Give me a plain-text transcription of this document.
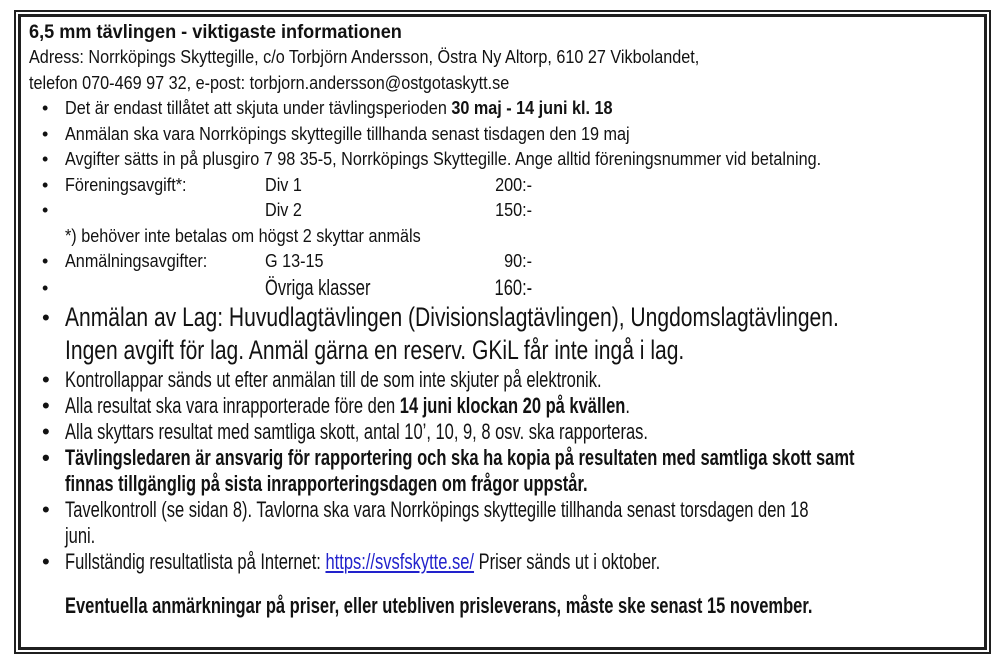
6,5 mm tävlingen - viktigaste informationen
Adress: Norrköpings Skyttegille, c/o Torbjörn Andersson, Östra Ny Altorp, 610 27 Vikbolandet,
telefon 070-469 97 32, e-post: torbjorn.andersson@ostgotaskytt.se
• Det är endast tillåtet att skjuta under tävlingsperioden 30 maj - 14 juni kl. 18
• Anmälan ska vara Norrköpings skyttegille tillhanda senast tisdagen den 19 maj
• Avgifter sätts in på plusgiro 7 98 35-5, Norrköpings Skyttegille. Ange alltid föreningsnummer vid betalning.
• Föreningsavgift*:	Div 1	200:-
•	Div 2	150:-
*) behöver inte betalas om högst 2 skyttar anmäls
• Anmälningsavgifter:	G 13-15	90:-
•	Övriga klasser	160:-
• Anmälan av Lag: Huvudlagtävlingen (Divisionslagtävlingen), Ungdomslagtävlingen.
Ingen avgift för lag. Anmäl gärna en reserv. GKiL får inte ingå i lag.
• Kontrollappar sänds ut efter anmälan till de som inte skjuter på elektronik.
• Alla resultat ska vara inrapporterade före den 14 juni klockan 20 på kvällen.
• Alla skyttars resultat med samtliga skott, antal 10’, 10, 9, 8 osv. ska rapporteras.
• Tävlingsledaren är ansvarig för rapportering och ska ha kopia på resultaten med samtliga skott samt
finnas tillgänglig på sista inrapporteringsdagen om frågor uppstår.
• Tavelkontroll (se sidan 8). Tavlorna ska vara Norrköpings skyttegille tillhanda senast torsdagen den 18
juni.
• Fullständig resultatlista på Internet: https://svsfskytte.se/ Priser sänds ut i oktober.
Eventuella anmärkningar på priser, eller utebliven prisleverans, måste ske senast 15 november.
